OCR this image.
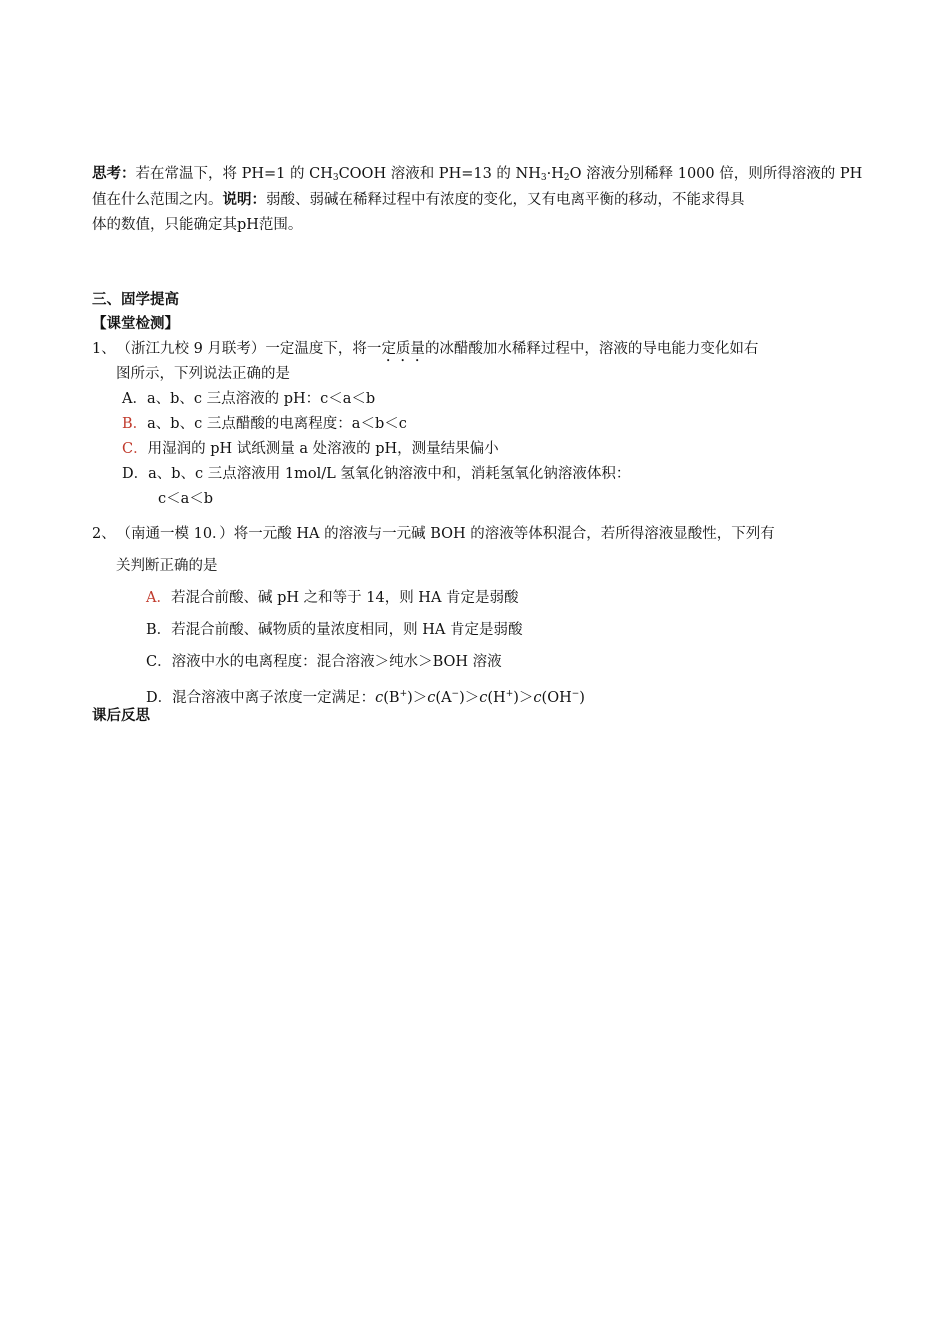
思考：若在常温下，将 PH=1 的 $CH_3COOH$ 溶液和 PH=13 的 $NH_3\cdot H_2O$ 溶液分别稀释 1000 倍，则所得溶液的 PH
值在什么范围之内。说明：弱酸、弱碱在稀释过程中有浓度的变化，又有电离平衡的移动，不能求得具
体的数值，只能确定其pH范围。
三、固学提高
【课堂检测】
1、 （浙江九校 9 月联考）一定温度下，将一定质量的冰醋酸加水稀释过程中，溶液的导电能力变化如右
图所示，下列说法正确的是
A．a、b、c 三点溶液的 pH：c＜a＜b
B．a、b、c 三点醋酸的电离程度：a＜b＜c
C．用湿润的 pH 试纸测量 a 处溶液的 pH，测量结果偏小
D．a、b、c 三点溶液用 1mol/L 氢氧化钠溶液中和，消耗氢氧化钠溶液体积：
c＜a＜b
2、 （南通一模 10．）将一元酸 HA 的溶液与一元碱 BOH 的溶液等体积混合，若所得溶液显酸性，下列有
关判断正确的是
A．若混合前酸、碱 pH 之和等于 14，则 HA 肯定是弱酸
B．若混合前酸、碱物质的量浓度相同，则 HA 肯定是弱酸
C．溶液中水的电离程度：混合溶液＞纯水＞BOH 溶液
D．混合溶液中离子浓度一定满足：c(B+)＞c(A−)＞c(H+)＞c(OH−)
课后反思
